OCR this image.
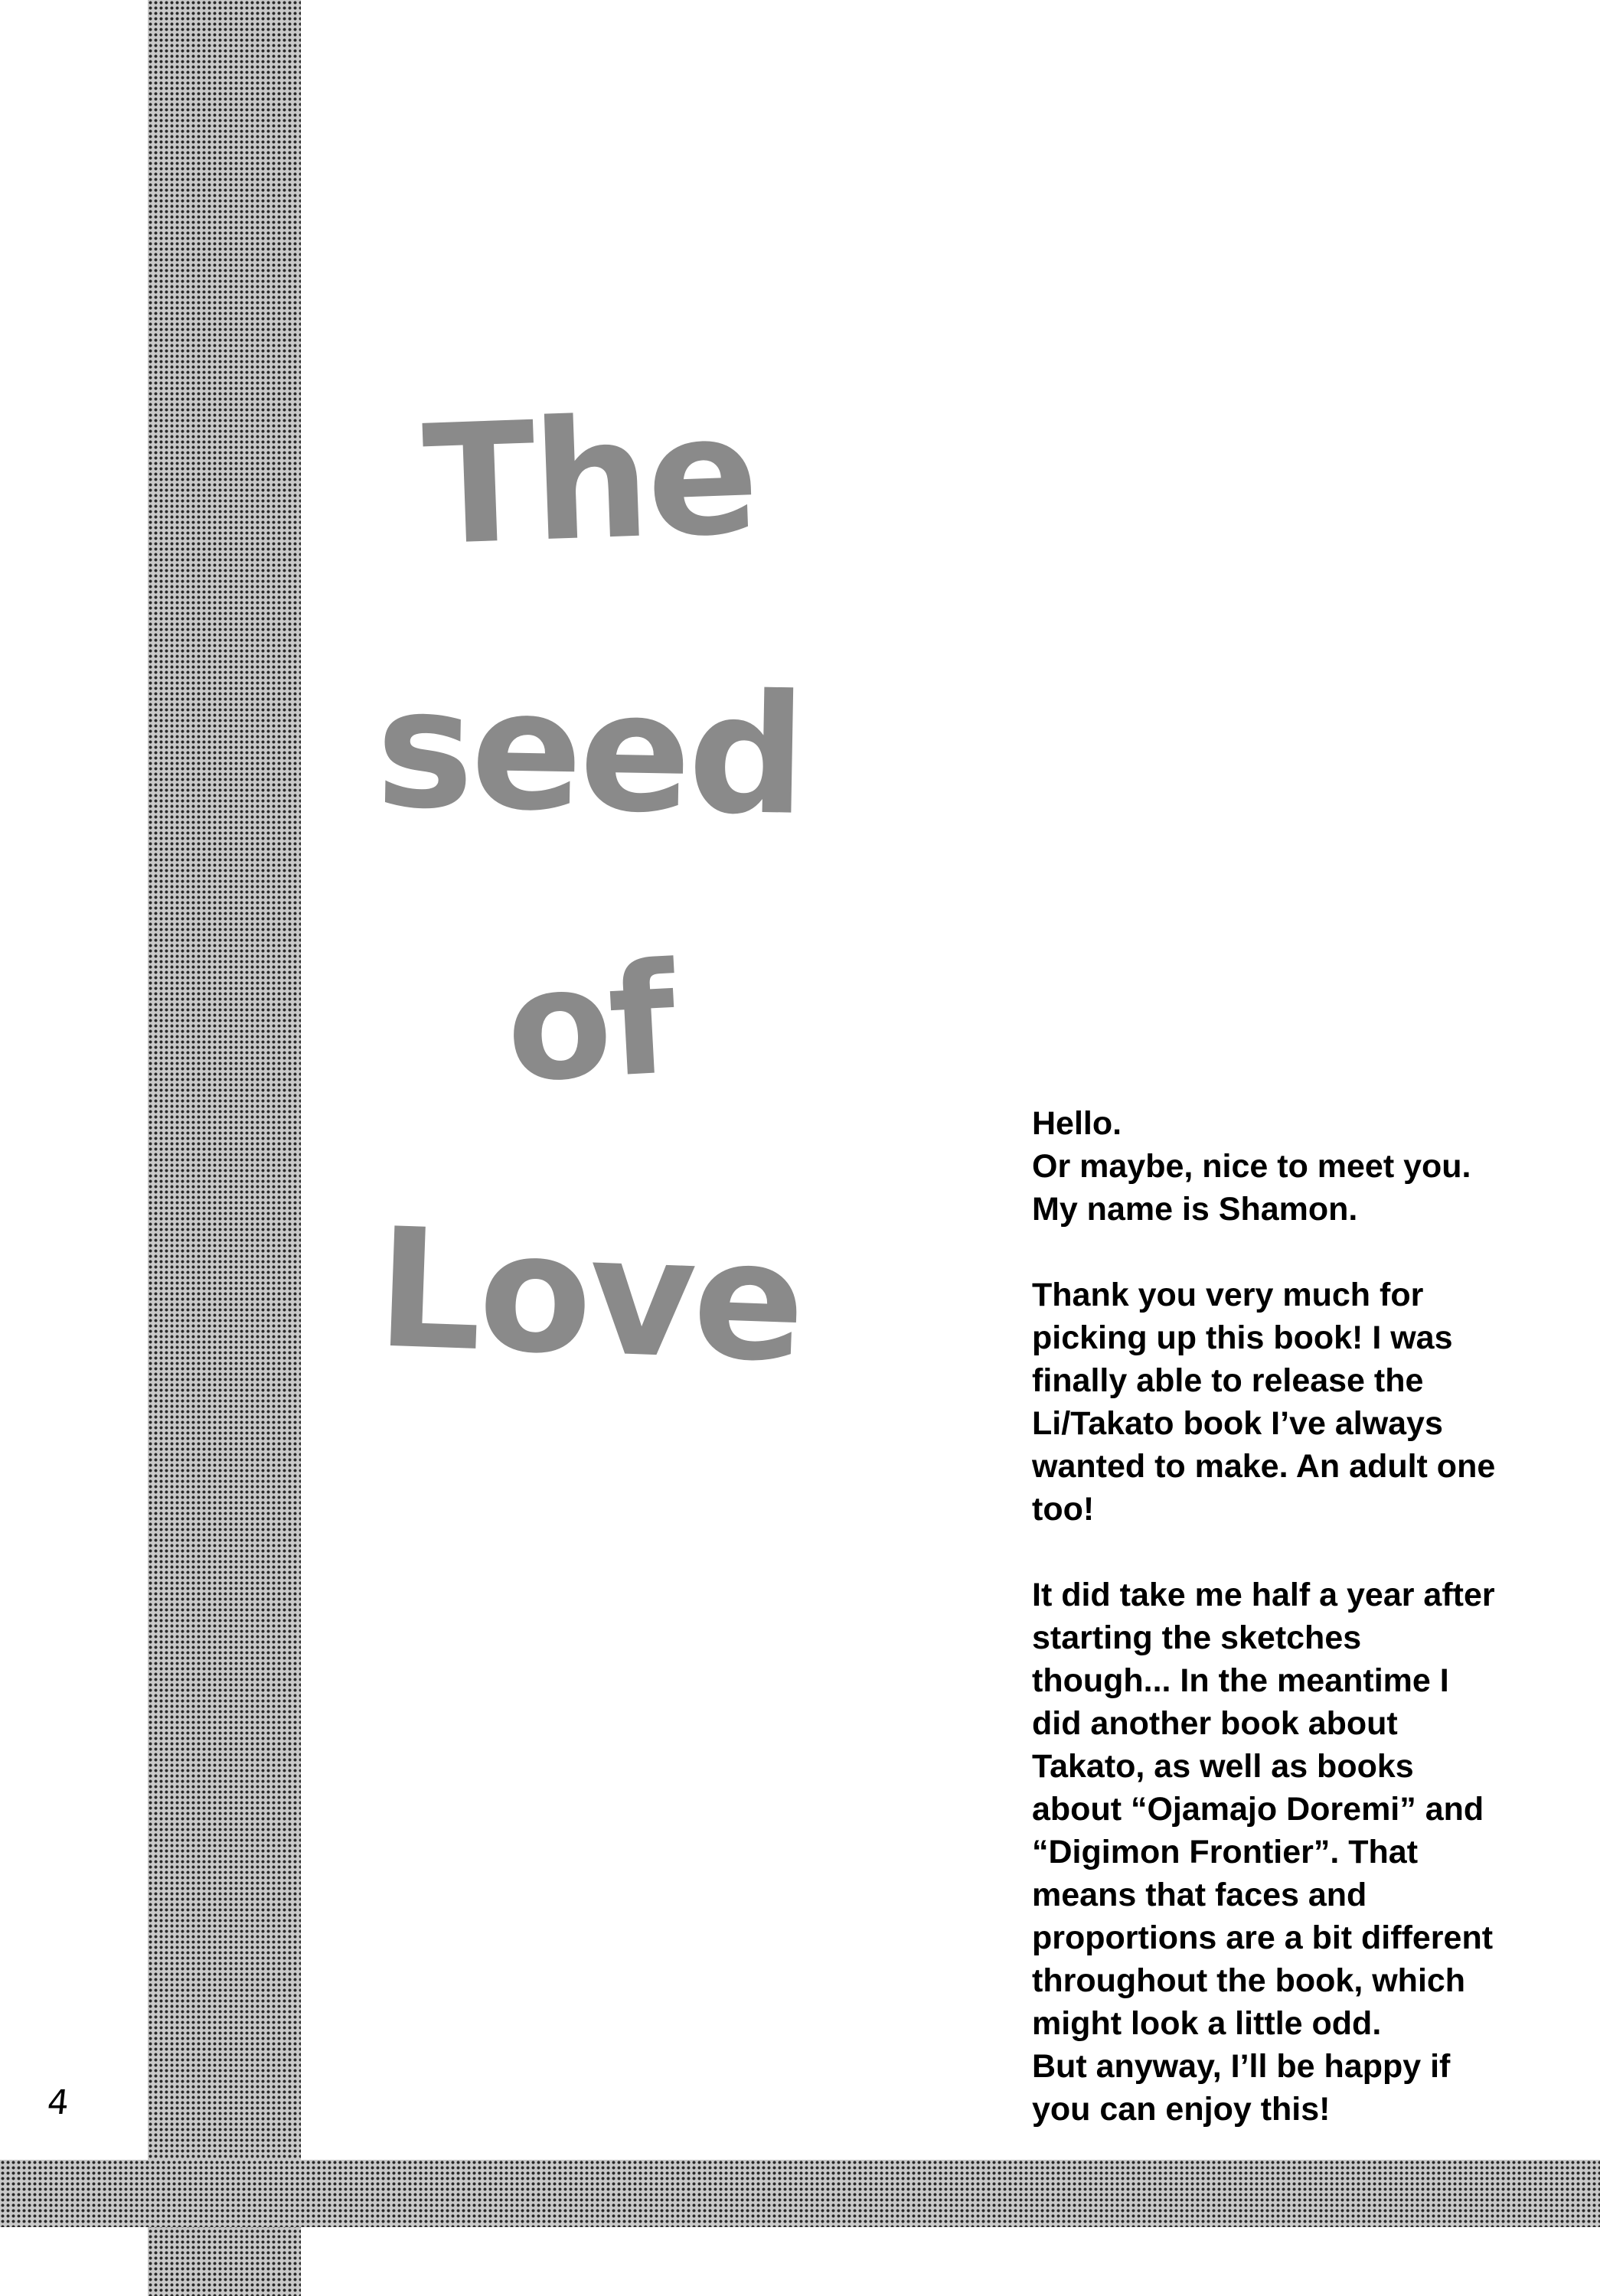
The
seed
of
Love

Hello.
Or maybe, nice to meet you.
My name is Shamon.

Thank you very much for
picking up this book! I was
finally able to release the
Li/Takato book I’ve always
wanted to make. An adult one
too!

It did take me half a year after
starting the sketches
though... In the meantime I
did another book about
Takato, as well as books
about “Ojamajo Doremi” and
“Digimon Frontier”. That
means that faces and
proportions are a bit different
throughout the book, which
might look a little odd.
But anyway, I’ll be happy if
you can enjoy this!

4
